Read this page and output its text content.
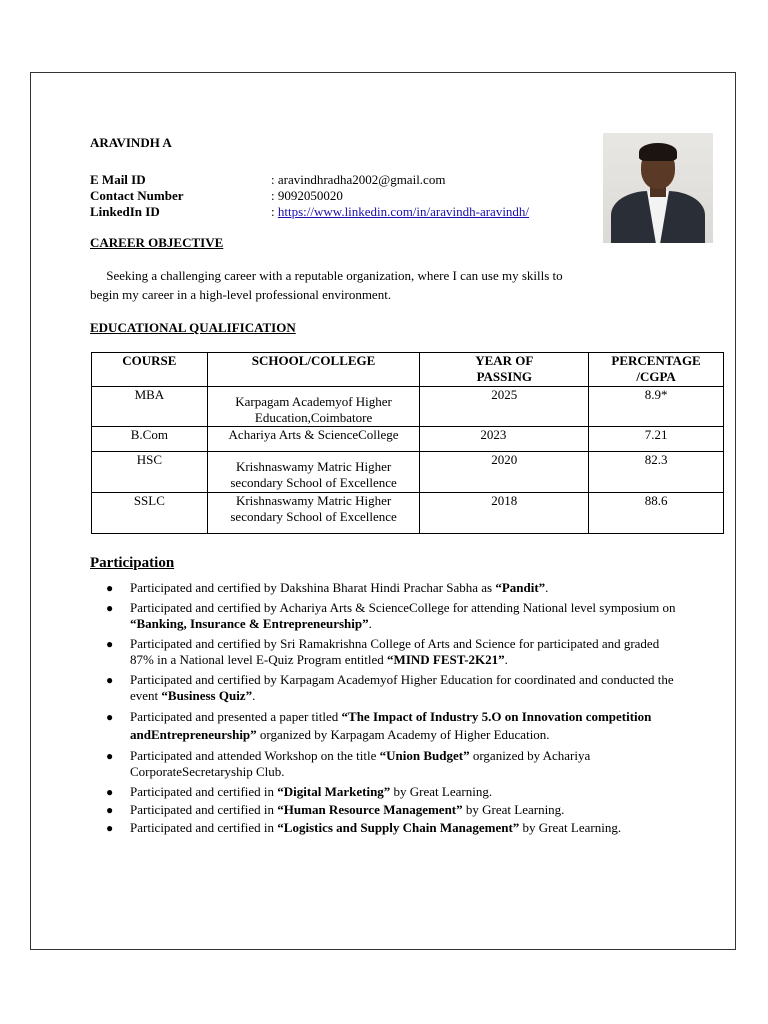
ARAVINDH A
E Mail ID	: aravindhradha2002@gmail.com
Contact Number	: 9092050020
LinkedIn ID	: https://www.linkedin.com/in/aravindh-aravindh/
CAREER OBJECTIVE
Seeking a challenging career with a reputable organization, where I can use my skills to begin my career in a high-level professional environment.
EDUCATIONAL QUALIFICATION
COURSE	SCHOOL/COLLEGE	YEAR OF PASSING	PERCENTAGE /CGPA
MBA	Karpagam Academyof Higher Education,Coimbatore	2025	8.9*
B.Com	Achariya Arts & ScienceCollege	2023	7.21
HSC	Krishnaswamy Matric Higher secondary School of Excellence	2020	82.3
SSLC	Krishnaswamy Matric Higher secondary School of Excellence	2018	88.6
Participation
● Participated and certified by Dakshina Bharat Hindi Prachar Sabha as “Pandit”.
● Participated and certified by Achariya Arts & ScienceCollege for attending National level symposium on “Banking, Insurance & Entrepreneurship”.
● Participated and certified by Sri Ramakrishna College of Arts and Science for participated and graded 87% in a National level E-Quiz Program entitled “MIND FEST-2K21”.
● Participated and certified by Karpagam Academyof Higher Education for coordinated and conducted the event “Business Quiz”.
● Participated and presented a paper titled “The Impact of Industry 5.O on Innovation competition andEntrepreneurship” organized by Karpagam Academy of Higher Education.
● Participated and attended Workshop on the title “Union Budget” organized by Achariya CorporateSecretaryship Club.
● Participated and certified in “Digital Marketing” by Great Learning.
● Participated and certified in “Human Resource Management” by Great Learning.
● Participated and certified in “Logistics and Supply Chain Management” by Great Learning.
